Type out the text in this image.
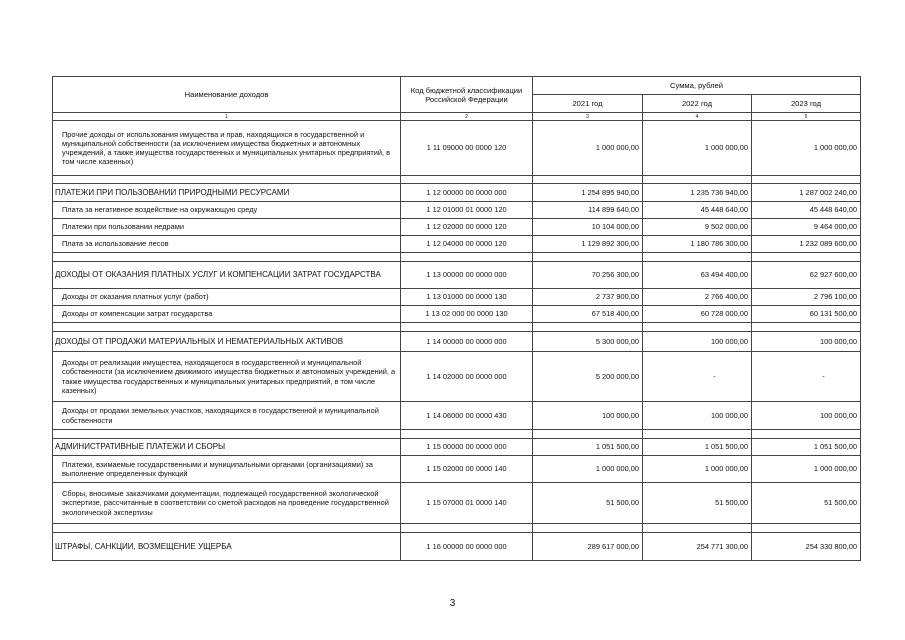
Наименование доходов	Код бюджетной классификации Российской Федерации	Сумма, рублей		
		2021 год	2022 год	2023 год
1	2	3	4	5
Прочие доходы от использования имущества и прав, находящихся в государственной и муниципальной собственности (за исключением имущества бюджетных и автономных учреждений, а также имущества государственных и муниципальных унитарных предприятий, в том числе казенных)	1 11 09000 00 0000 120	1 000 000,00	1 000 000,00	1 000 000,00

ПЛАТЕЖИ ПРИ ПОЛЬЗОВАНИИ ПРИРОДНЫМИ РЕСУРСАМИ	1 12 00000 00 0000 000	1 254 895 940,00	1 235 736 940,00	1 287 002 240,00
Плата за негативное воздействие на окружающую среду	1 12 01000 01 0000 120	114 899 640,00	45 448 640,00	45 448 640,00
Платежи при пользовании недрами	1 12 02000 00 0000 120	10 104 000,00	9 502 000,00	9 464 000,00
Плата за использование лесов	1 12 04000 00 0000 120	1 129 892 300,00	1 180 786 300,00	1 232 089 600,00

ДОХОДЫ ОТ ОКАЗАНИЯ ПЛАТНЫХ УСЛУГ И КОМПЕНСАЦИИ ЗАТРАТ ГОСУДАРСТВА	1 13 00000 00 0000 000	70 256 300,00	63 494 400,00	62 927 600,00
Доходы от оказания платных услуг (работ)	1 13 01000 00 0000 130	2 737 900,00	2 766 400,00	2 796 100,00
Доходы от компенсации затрат государства	1 13 02 000 00 0000 130	67 518 400,00	60 728 000,00	60 131 500,00

ДОХОДЫ ОТ ПРОДАЖИ МАТЕРИАЛЬНЫХ И НЕМАТЕРИАЛЬНЫХ АКТИВОВ	1 14 00000 00 0000 000	5 300 000,00	100 000,00	100 000,00
Доходы от реализации имущества, находящегося в государственной и муниципальной собственности (за исключением движимого имущества бюджетных и автономных учреждений, а также имущества государственных и муниципальных унитарных предприятий, в том числе казенных)	1 14 02000 00 0000 000	5 200 000,00	-	-
Доходы от продажи земельных участков, находящихся в государственной и муниципальной собственности	1 14 06000 00 0000 430	100 000,00	100 000,00	100 000,00

АДМИНИСТРАТИВНЫЕ ПЛАТЕЖИ И СБОРЫ	1 15 00000 00 0000 000	1 051 500,00	1 051 500,00	1 051 500,00
Платежи, взимаемые государственными и муниципальными органами (организациями) за выполнение определенных функций	1 15 02000 00 0000 140	1 000 000,00	1 000 000,00	1 000 000,00
Сборы, вносимые заказчиками документации, подлежащей государственной экологической экспертизе, рассчитанные в соответствии со сметой расходов на проведение государственной экологической экспертизы	1 15 07000 01 0000 140	51 500,00	51 500,00	51 500,00

ШТРАФЫ, САНКЦИИ, ВОЗМЕЩЕНИЕ УЩЕРБА	1 16 00000 00 0000 000	289 617 000,00	254 771 300,00	254 330 800,00
3
